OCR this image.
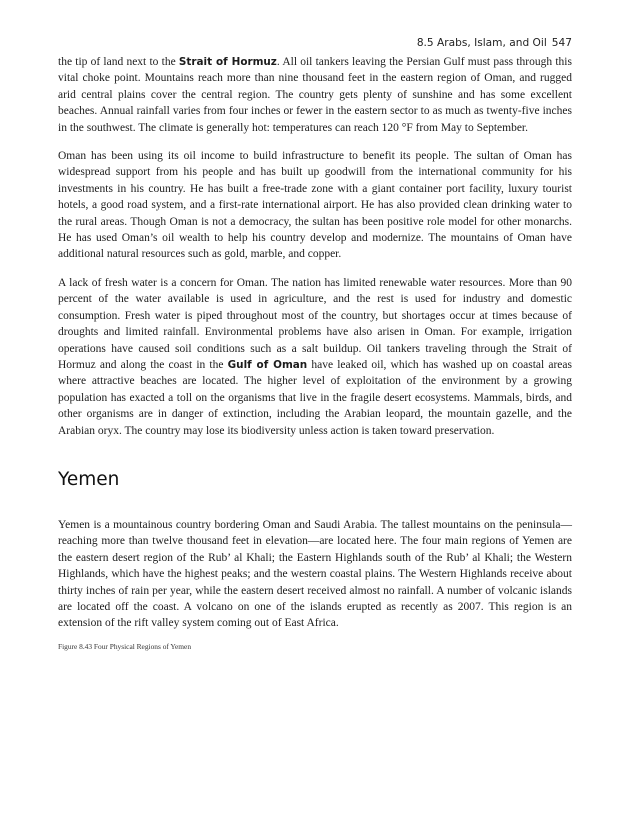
8.5 Arabs, Islam, and Oil 547

the tip of land next to the Strait of Hormuz. All oil tankers leaving the Persian Gulf must pass through this vital choke point. Mountains reach more than nine thousand feet in the eastern region of Oman, and rugged arid central plains cover the central region. The country gets plenty of sunshine and has some excellent beaches. Annual rainfall varies from four inches or fewer in the eastern sector to as much as twenty-five inches in the southwest. The climate is generally hot: temperatures can reach 120 °F from May to September.

Oman has been using its oil income to build infrastructure to benefit its people. The sultan of Oman has widespread support from his people and has built up goodwill from the international community for his investments in his country. He has built a free-trade zone with a giant container port facility, luxury tourist hotels, a good road system, and a first-rate international airport. He has also provided clean drinking water to the rural areas. Though Oman is not a democracy, the sultan has been positive role model for other monarchs. He has used Oman’s oil wealth to help his country develop and modernize. The mountains of Oman have additional natural resources such as gold, marble, and copper.

A lack of fresh water is a concern for Oman. The nation has limited renewable water resources. More than 90 percent of the water available is used in agriculture, and the rest is used for industry and domestic consumption. Fresh water is piped throughout most of the country, but shortages occur at times because of droughts and limited rainfall. Environmental problems have also arisen in Oman. For example, irrigation operations have caused soil conditions such as a salt buildup. Oil tankers traveling through the Strait of Hormuz and along the coast in the Gulf of Oman have leaked oil, which has washed up on coastal areas where attractive beaches are located. The higher level of exploitation of the environment by a growing population has exacted a toll on the organisms that live in the fragile desert ecosystems. Mammals, birds, and other organisms are in danger of extinction, including the Arabian leopard, the mountain gazelle, and the Arabian oryx. The country may lose its biodiversity unless action is taken toward preservation.

Yemen

Yemen is a mountainous country bordering Oman and Saudi Arabia. The tallest mountains on the peninsula—reaching more than twelve thousand feet in elevation—are located here. The four main regions of Yemen are the eastern desert region of the Rub’ al Khali; the Eastern Highlands south of the Rub’ al Khali; the Western Highlands, which have the highest peaks; and the western coastal plains. The Western Highlands receive about thirty inches of rain per year, while the eastern desert received almost no rainfall. A number of volcanic islands are located off the coast. A volcano on one of the islands erupted as recently as 2007. This region is an extension of the rift valley system coming out of East Africa.

Figure 8.43 Four Physical Regions of Yemen
